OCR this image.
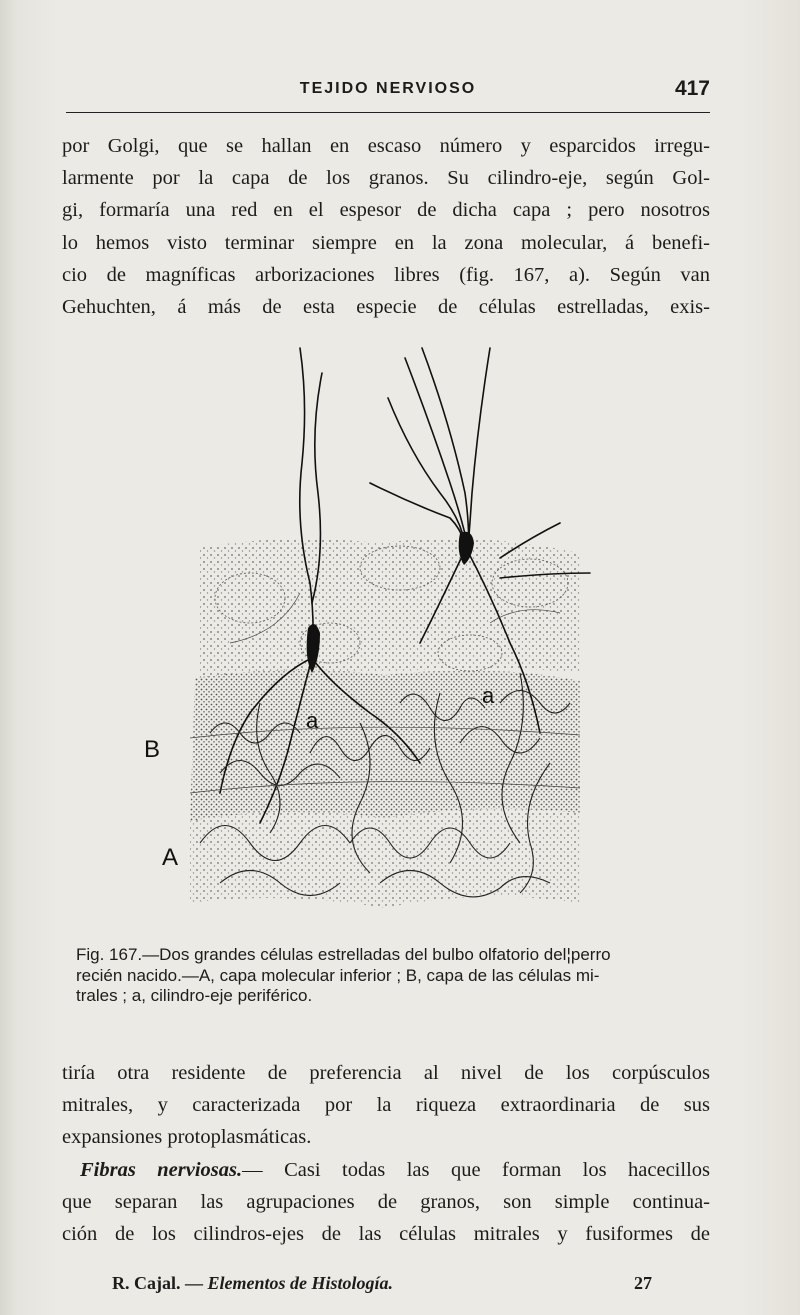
TEJIDO NERVIOSO	417

por Golgi, que se hallan en escaso número y esparcidos irregu-
larmente por la capa de los granos. Su cilindro-eje, según Gol-
gi, formaría una red en el espesor de dicha capa ; pero nosotros
lo hemos visto terminar siempre en la zona molecular, á benefi-
cio de magníficas arborizaciones libres (fig. 167, a). Según van
Gehuchten, á más de esta especie de células estrelladas, exis-

a
a
B
A

Fig. 167.—Dos grandes células estrelladas del bulbo olfatorio del¦perro
recién nacido.—A, capa molecular inferior ; B, capa de las células mi-
trales ; a, cilindro-eje periférico.

tiría otra residente de preferencia al nivel de los corpúsculos
mitrales, y caracterizada por la riqueza extraordinaria de sus
expansiones protoplasmáticas.
Fibras nerviosas.— Casi todas las que forman los hacecillos
que separan las agrupaciones de granos, son simple continua-
ción de los cilindros-ejes de las células mitrales y fusiformes de

R. Cajal. — Elementos de Histología.	27
